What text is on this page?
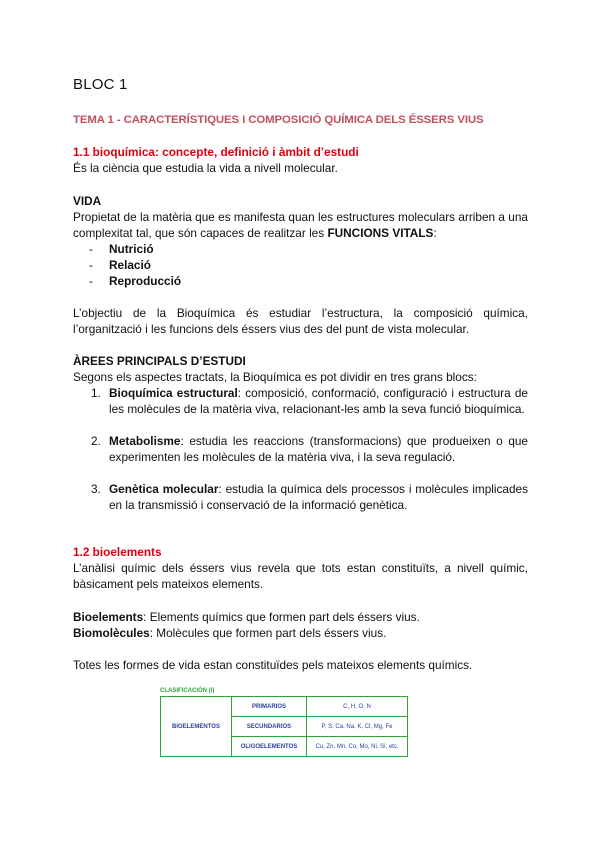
BLOC 1
TEMA 1 - CARACTERÍSTIQUES I COMPOSICIÓ QUÍMICA DELS ÉSSERS VIUS
1.1 bioquímica: concepte, definició i àmbit d’estudi
És la ciència que estudia la vida a nivell molecular.
VIDA
Propietat de la matèria que es manifesta quan les estructures moleculars arriben a una complexitat tal, que són capaces de realitzar les FUNCIONS VITALS:
- Nutrició
- Relació
- Reproducció
L’objectiu de la Bioquímica és estudiar l’estructura, la composició química, l’organització i les funcions dels éssers vius des del punt de vista molecular.
ÀREES PRINCIPALS D’ESTUDI
Segons els aspectes tractats, la Bioquímica es pot dividir en tres grans blocs:
1. Bioquímica estructural: composició, conformació, configuració i estructura de les molècules de la matèria viva, relacionant-les amb la seva funció bioquímica.
2. Metabolisme: estudia les reaccions (transformacions) que produeixen o que experimenten les molècules de la matèria viva, i la seva regulació.
3. Genètica molecular: estudia la química dels processos i molècules implicades en la transmissió i conservació de la informació genètica.
1.2 bioelements
L’anàlisi químic dels éssers vius revela que tots estan constituïts, a nivell químic, bàsicament pels mateixos elements.
Bioelements: Elements químics que formen part dels éssers vius.
Biomolècules: Molècules que formen part dels éssers vius.
Totes les formes de vida estan constituïdes pels mateixos elements químics.
CLASIFICACIÓN (I)
BIOELEMENTOS	PRIMARIOS	C, H, O, N
	SECUNDARIOS	P, S, Ca, Na, K, Cl, Mg, Fe
	OLIGOELEMENTOS	Cu, Zn, Mn, Co, Mo, Ni, Si, etc.
